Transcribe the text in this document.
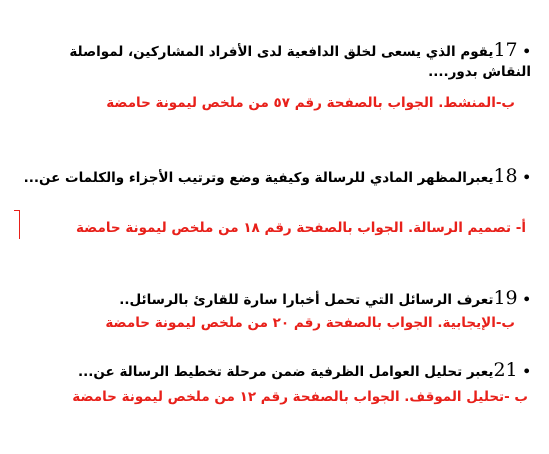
• 17يقوم الذي يسعى لخلق الدافعية لدى الأفراد المشاركين، لمواصلة النقاش بدور....
ب-المنشط. الجواب بالصفحة رقم ٥٧ من ملخص ليمونة حامضة
• 18يعبرالمظهر المادي للرسالة وكيفية وضع وترتيب الأجزاء والكلمات عن...
أ- تصميم الرسالة. الجواب بالصفحة رقم ١٨ من ملخص ليمونة حامضة
• 19تعرف الرسائل التي تحمل أخبارا سارة للقارئ بالرسائل..
ب-الإيجابية. الجواب بالصفحة رقم ٢٠ من ملخص ليمونة حامضة
• 21يعبر تحليل العوامل الظرفية ضمن مرحلة تخطيط الرسالة عن...
ب -تحليل الموقف. الجواب بالصفحة رقم ١٢ من ملخص ليمونة حامضة
